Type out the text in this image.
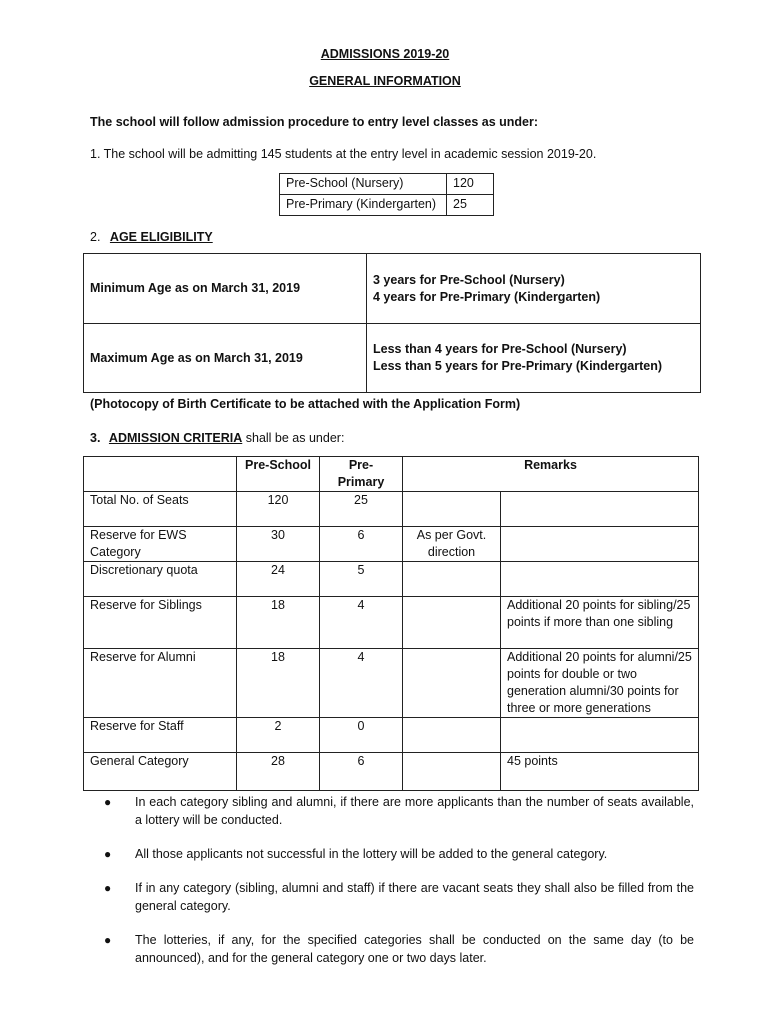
ADMISSIONS 2019-20
GENERAL INFORMATION
The school will follow admission procedure to entry level classes as under:
1. The school will be admitting 145 students at the entry level in academic session 2019-20.
Pre-School (Nursery)	120
Pre-Primary (Kindergarten)	25
2. AGE ELIGIBILITY
Minimum Age as on March 31, 2019	3 years for Pre-School (Nursery)
4 years for Pre-Primary (Kindergarten)

Maximum Age as on March 31, 2019	Less than 4 years for Pre-School (Nursery)
Less than 5 years for Pre-Primary (Kindergarten)
(Photocopy of Birth Certificate to be attached with the Application Form)
3. ADMISSION CRITERIA shall be as under:
	Pre-School	Pre-Primary	Remarks	
Total No. of Seats	120	25		
Reserve for EWS Category	30	6	As per Govt. direction	
Discretionary quota	24	5		
Reserve for Siblings	18	4		Additional 20 points for sibling/25 points if more than one sibling
Reserve for Alumni	18	4		Additional 20 points for alumni/25 points for double or two generation alumni/30 points for three or more generations
Reserve for Staff	2	0		
General Category	28	6		45 points
● In each category sibling and alumni, if there are more applicants than the number of seats available, a lottery will be conducted.
● All those applicants not successful in the lottery will be added to the general category.
● If in any category (sibling, alumni and staff) if there are vacant seats they shall also be filled from the general category.
● The lotteries, if any, for the specified categories shall be conducted on the same day (to be announced), and for the general category one or two days later.
